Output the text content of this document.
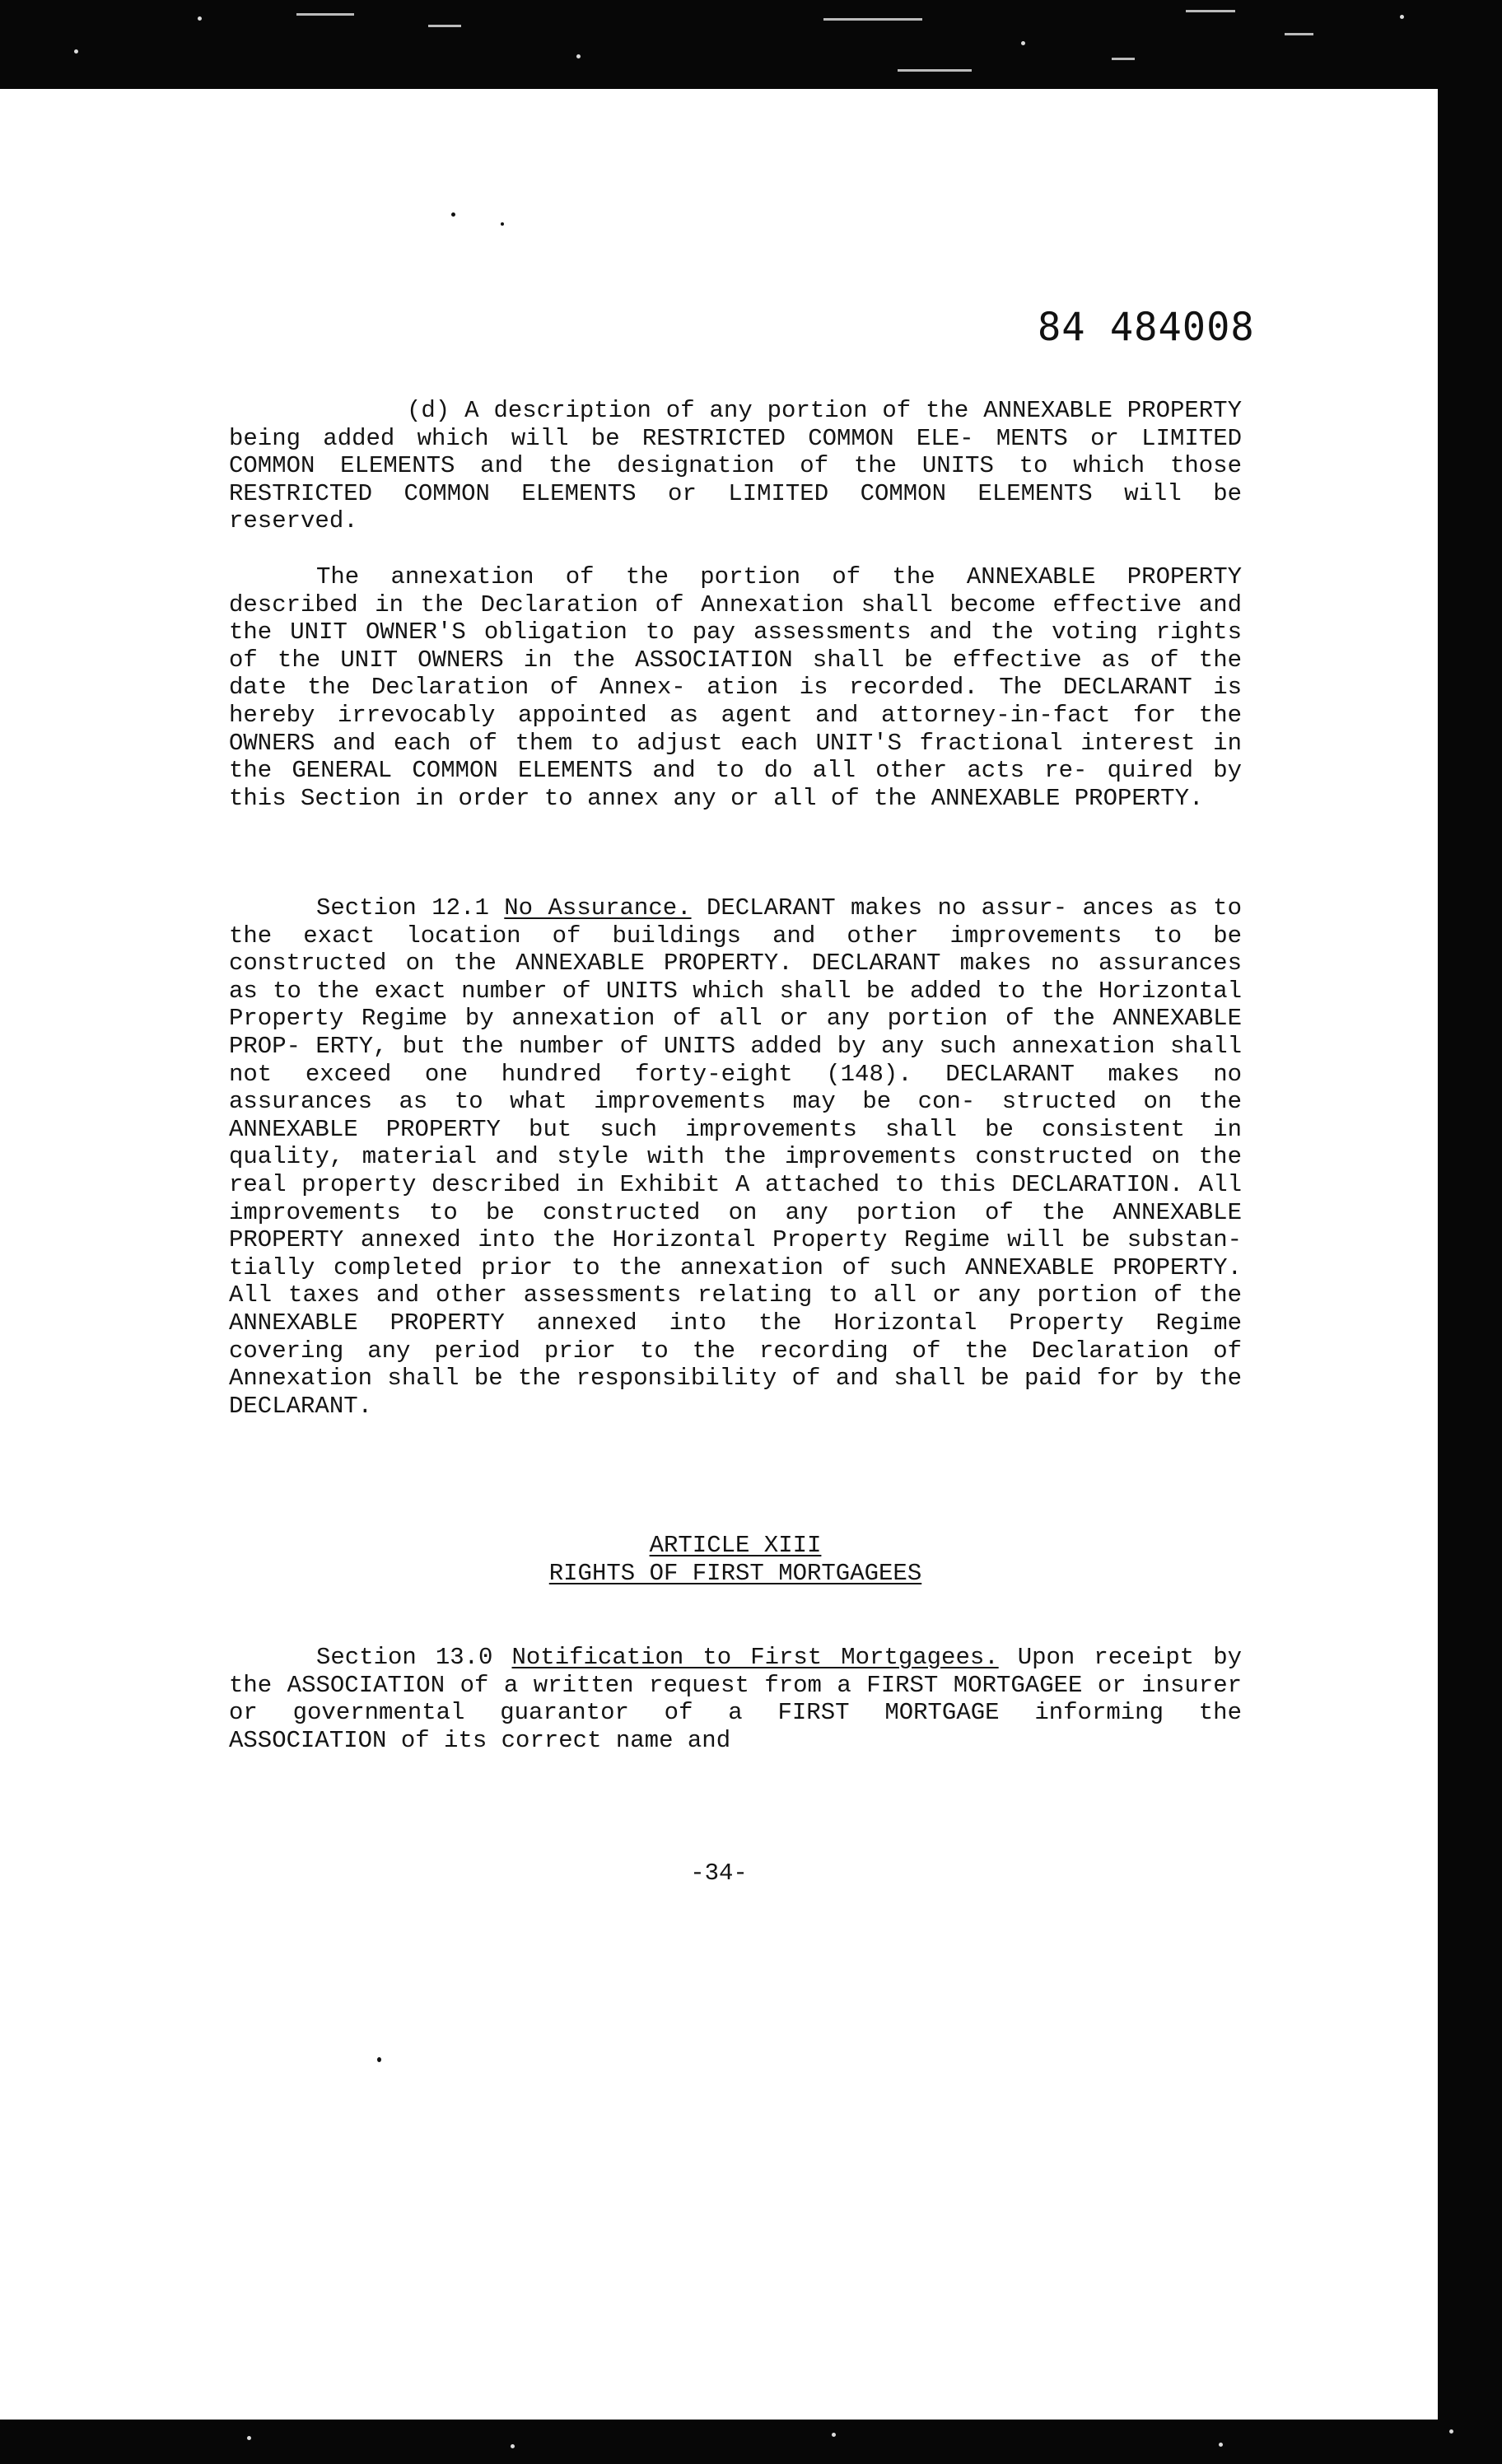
84 484008

(d) A description of any portion of the ANNEXABLE PROPERTY being added which will be RESTRICTED COMMON ELE- MENTS or LIMITED COMMON ELEMENTS and the designation of the UNITS to which those RESTRICTED COMMON ELEMENTS or LIMITED COMMON ELEMENTS will be reserved.

The annexation of the portion of the ANNEXABLE PROPERTY described in the Declaration of Annexation shall become effective and the UNIT OWNER'S obligation to pay assessments and the voting rights of the UNIT OWNERS in the ASSOCIATION shall be effective as of the date the Declaration of Annex- ation is recorded. The DECLARANT is hereby irrevocably appointed as agent and attorney-in-fact for the OWNERS and each of them to adjust each UNIT'S fractional interest in the GENERAL COMMON ELEMENTS and to do all other acts re- quired by this Section in order to annex any or all of the ANNEXABLE PROPERTY.

Section 12.1 No Assurance. DECLARANT makes no assur- ances as to the exact location of buildings and other improvements to be constructed on the ANNEXABLE PROPERTY. DECLARANT makes no assurances as to the exact number of UNITS which shall be added to the Horizontal Property Regime by annexation of all or any portion of the ANNEXABLE PROP- ERTY, but the number of UNITS added by any such annexation shall not exceed one hundred forty-eight (148). DECLARANT makes no assurances as to what improvements may be con- structed on the ANNEXABLE PROPERTY but such improvements shall be consistent in quality, material and style with the improvements constructed on the real property described in Exhibit A attached to this DECLARATION. All improvements to be constructed on any portion of the ANNEXABLE PROPERTY annexed into the Horizontal Property Regime will be substan- tially completed prior to the annexation of such ANNEXABLE PROPERTY. All taxes and other assessments relating to all or any portion of the ANNEXABLE PROPERTY annexed into the Horizontal Property Regime covering any period prior to the recording of the Declaration of Annexation shall be the responsibility of and shall be paid for by the DECLARANT.

ARTICLE XIII
RIGHTS OF FIRST MORTGAGEES

Section 13.0 Notification to First Mortgagees. Upon receipt by the ASSOCIATION of a written request from a FIRST MORTGAGEE or insurer or governmental guarantor of a FIRST MORTGAGE informing the ASSOCIATION of its correct name and

-34-
